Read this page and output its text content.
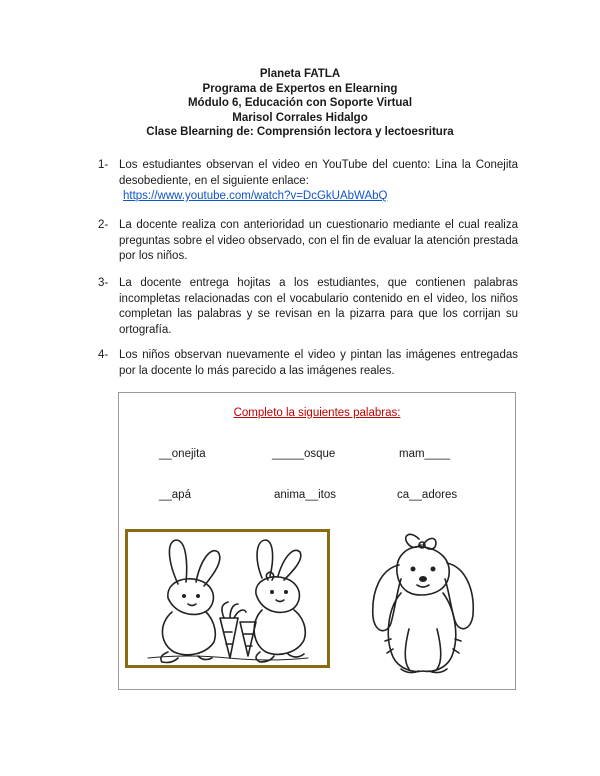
Planeta FATLA
Programa de Expertos en Elearning
Módulo 6, Educación con Soporte Virtual
Marisol Corrales Hidalgo
Clase Blearning de: Comprensión lectora y lectoesritura
1- Los estudiantes observan el video en YouTube del cuento: Lina la Conejita desobediente, en el siguiente enlace:
https://www.youtube.com/watch?v=DcGkUAbWAbQ
2- La docente realiza con anterioridad un cuestionario mediante el cual realiza preguntas sobre el video observado, con el fin de evaluar la atención prestada por los niños.
3- La docente entrega hojitas a los estudiantes, que contienen palabras incompletas relacionadas con el vocabulario contenido en el video, los niños completan las palabras y se revisan en la pizarra para que los corrijan su ortografía.
4- Los niños observan nuevamente el video y pintan las imágenes entregadas por la docente lo más parecido a las imágenes reales.
Completo la siguientes palabras:
__onejita	_____osque	mam____
__apá	anima__itos	ca__adores
